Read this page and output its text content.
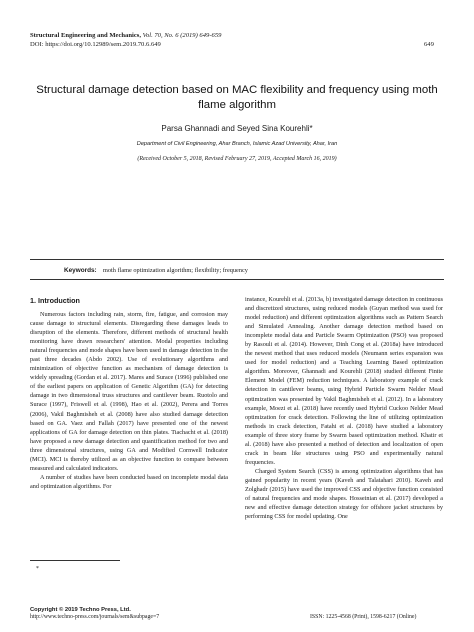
Structural Engineering and Mechanics, Vol. 70, No. 6 (2019) 649-659
DOI: https://doi.org/10.12989/sem.2019.70.6.649	649
Structural damage detection based on MAC flexibility and frequency using moth flame algorithm
Parsa Ghannadi and Seyed Sina Kourehli*
Department of Civil Engineering, Ahar Branch, Islamic Azad University, Ahar, Iran
(Received October 5, 2018, Revised February 27, 2019, Accepted March 16, 2019)
Keywords: moth flame optimization algorithm; flexibility; frequency
1. Introduction

Numerous factors including rain, storm, fire, fatigue, and corrosion may cause damage to structural elements. Disregarding these damages leads to disruption of the elements. Therefore, different methods of structural health monitoring have drawn researchers' attention. Modal properties including natural frequencies and mode shapes have been used in damage detection in the past three decades (Abdo 2002). Use of evolutionary algorithms and minimization of objective function as mechanism of damage detection is widely spreading (Gordan et al. 2017). Mares and Surace (1996) published one of the earliest papers on application of Genetic Algorithm (GA) for detecting damage in two dimensional truss structures and cantilever beam. Ruotolo and Surace (1997), Friswell et al. (1998), Hao et al. (2002), Perera and Torres (2006), Vakil Baghmisheh et al. (2008) have also studied damage detection based on GA. Vaez and Fallah (2017) have presented one of the newest applications of GA for damage detection on thin plates. Tiachacht et al. (2018) have proposed a new damage detection and quantification method for two and three dimensional structures, using GA and Modified Cornwell Indicator (MCI). MCI is thereby utilized as an objective function to compare between measured and calculated indicators.

A number of studies have been conducted based on incomplete modal data and optimization algorithms. For

instance, Kourehli et al. (2013a, b) investigated damage detection in continuous and discretized structures, using reduced models (Guyan method was used for model reduction) and different optimization algorithms such as Pattern Search and Simulated Annealing. Another damage detection method based on incomplete modal data and Particle Swarm Optimization (PSO) was proposed by Rasouli et al. (2014). However, Dinh Cong et al. (2018a) have introduced the newest method that uses reduced models (Neumann series expansion was used for model reduction) and a Teaching Learning Based optimization algorithm. Moreover, Ghannadi and Kourehli (2018) studied different Finite Element Model (FEM) reduction techniques. A laboratory example of crack detection in cantilever beams, using Hybrid Particle Swarm Nelder Mead optimization was presented by Vakil Baghmisheh et al. (2012). In a laboratory example, Moezi et al. (2018) have recently used Hybrid Cuckoo Nelder Mead optimization for crack detection. Following the line of utilizing optimization methods in crack detection, Fatahi et al. (2018) have studied a laboratory example of three story frame by Swarm based optimization method. Khatir et al. (2018) have also presented a method of detection and localization of open crack in beam like structures using PSO and experimentally natural frequencies.

Charged System Search (CSS) is among optimization algorithms that has gained popularity in recent years (Kaveh and Talatahari 2010). Kaveh and Zolghadr (2015) have used the improved CSS and objective function consisted of natural frequencies and mode shapes. Hosseinian et al. (2017) developed a new and effective damage detection strategy for offshore jacket structures by performing CSS for model updating. One

*
Copyright © 2019 Techno Press, Ltd.
http://www.techno-press.com/journals/sem&subpage=7	ISSN: 1225-4568 (Print), 1598-6217 (Online)
